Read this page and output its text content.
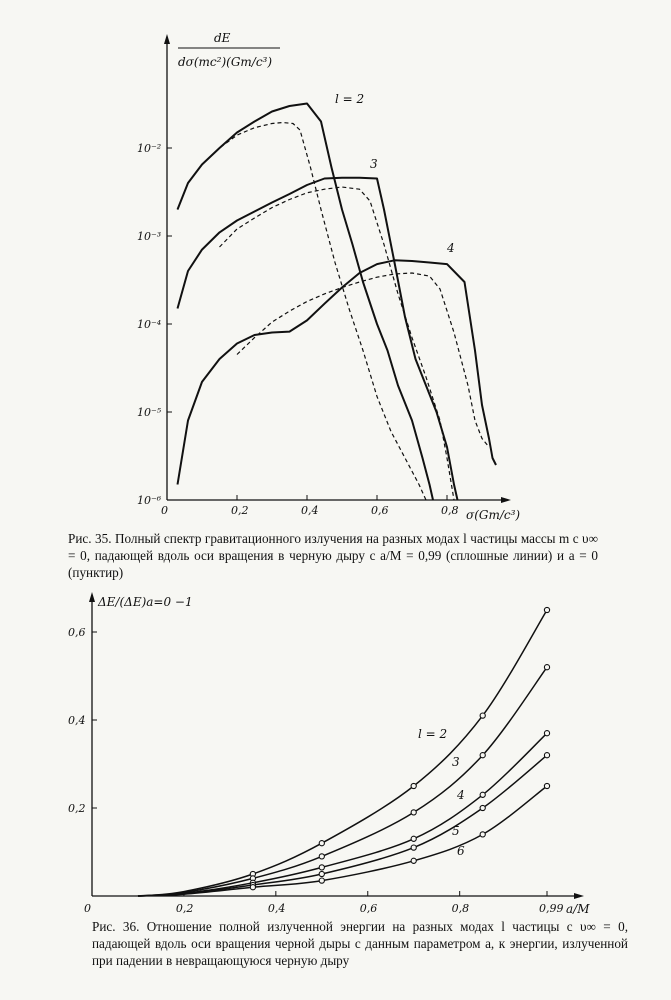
dE
dσ(mc²)(Gm/c³)
σ(Gm/c³)
0	0,2	0,4	0,6	0,8
10⁻²
10⁻³
10⁻⁴
10⁻⁵
10⁻⁶
l = 2
3
4
Рис. 35. Полный спектр гравитационного излучения на разных модах l частицы массы m с υ∞ = 0, падающей вдоль оси вращения в черную дыру с a/M = 0,99 (сплошные линии) и a = 0 (пунктир)
ΔE/(ΔE)a=0 −1
a/M
0	0,2	0,4	0,6	0,8	0,99
0,2
0,4
0,6
l = 2
3
4
5
6
Рис. 36. Отношение полной излученной энергии на разных модах l частицы с υ∞ = 0, падающей вдоль оси вращения черной дыры с данным параметром a, к энергии, излученной при падении в невращающуюся черную дыру
